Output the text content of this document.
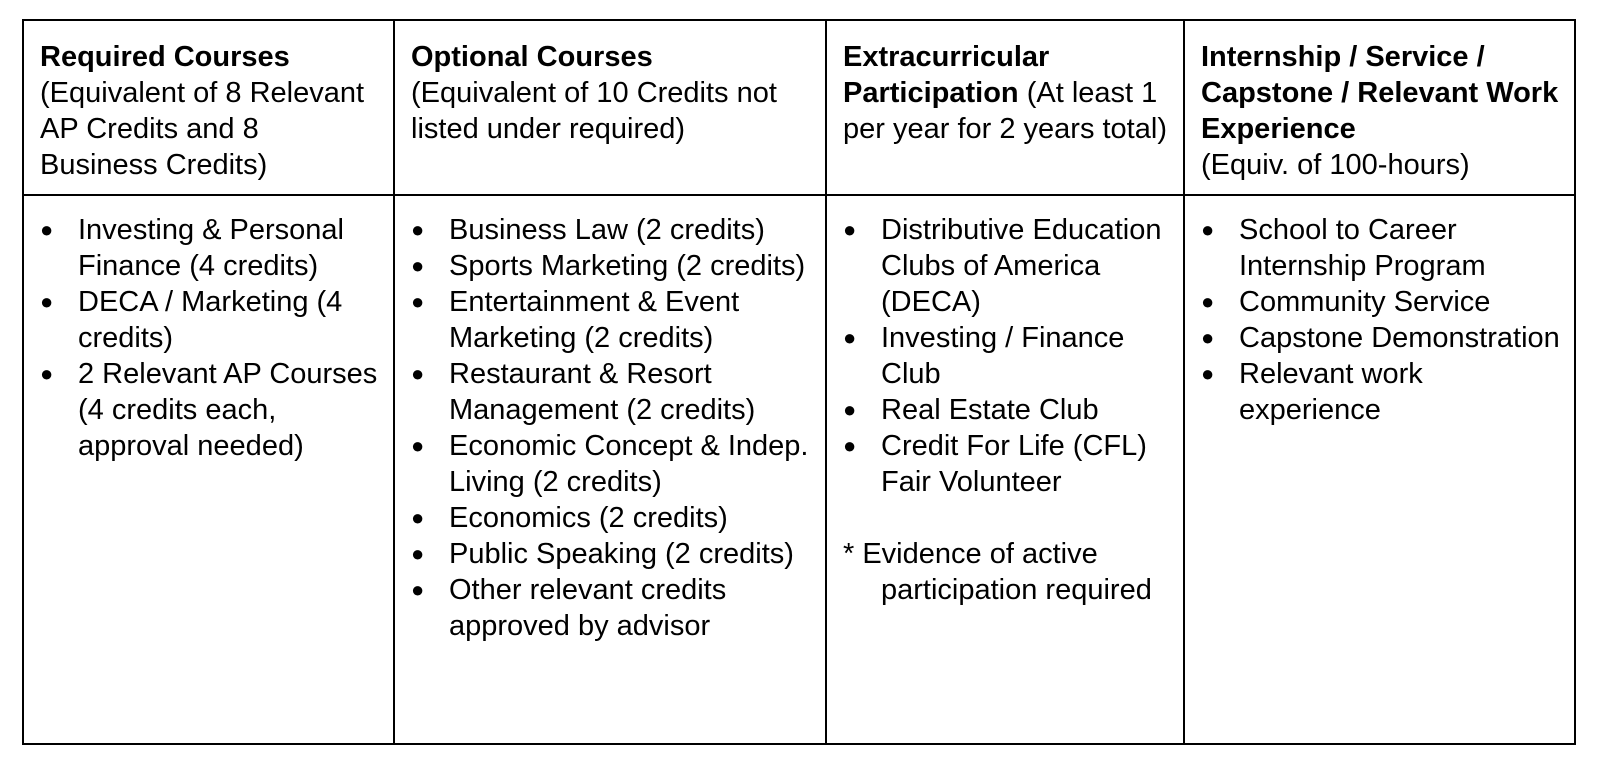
Required Courses
(Equivalent of 8 Relevant AP Credits and 8 Business Credits)
Optional Courses
(Equivalent of 10 Credits not listed under required)
Extracurricular Participation (At least 1 per year for 2 years total)
Internship / Service / Capstone / Relevant Work Experience
(Equiv. of 100-hours)
● Investing & Personal Finance (4 credits)
● DECA / Marketing (4 credits)
● 2 Relevant AP Courses (4 credits each, approval needed)
● Business Law (2 credits)
● Sports Marketing (2 credits)
● Entertainment & Event Marketing (2 credits)
● Restaurant & Resort Management (2 credits)
● Economic Concept & Indep. Living (2 credits)
● Economics (2 credits)
● Public Speaking (2 credits)
● Other relevant credits approved by advisor
● Distributive Education Clubs of America (DECA)
● Investing / Finance Club
● Real Estate Club
● Credit For Life (CFL) Fair Volunteer
* Evidence of active participation required
● School to Career Internship Program
● Community Service
● Capstone Demonstration
● Relevant work experience
